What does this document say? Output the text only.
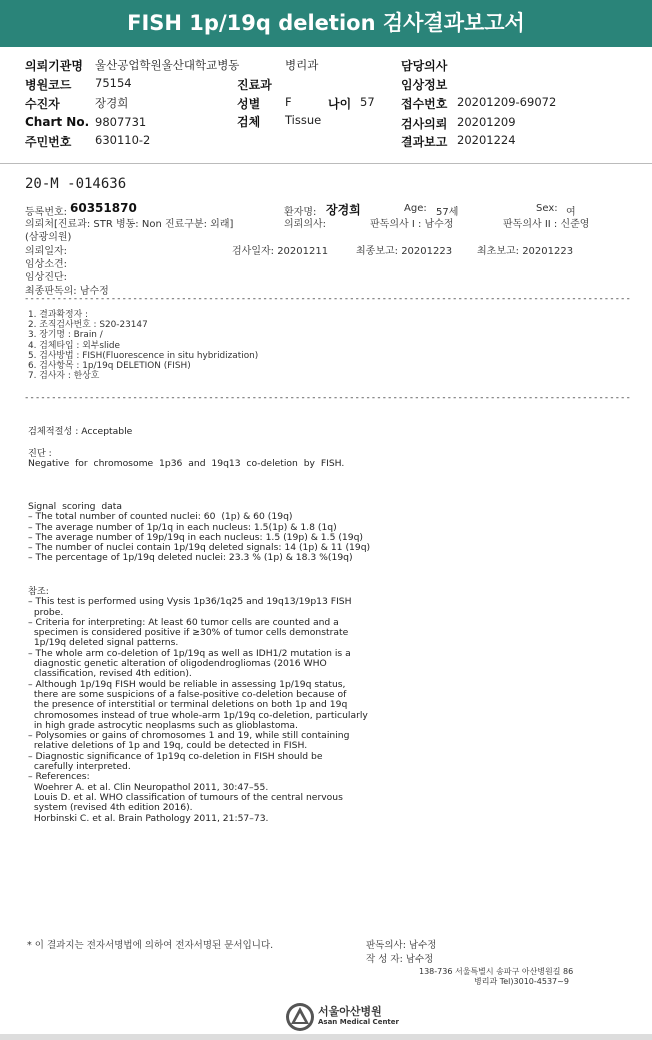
FISH 1p/19q deletion 검사결과보고서
의뢰기관명 울산공업학원울산대학교병동	병리과	담당의사
병원코드 75154	진료과	임상정보
수진자	장경희	성별 F	나이 57 접수번호 20201209-69072
Chart No. 9807731	검체 Tissue	검사의뢰 20201209
주민번호 630110-2	결과보고 20201224
20-M -014636
등록번호: 60351870	환자명: 장경희	Age: 57세	Sex: 여
의뢰처[진료과: STR 병동: Non 진료구분: 외래]	의뢰의사:	판독의사 I : 남수정	판독의사 II : 신준영
(삼광의원)
의뢰일자:	검사일자: 20201211	최종보고: 20201223 최초보고: 20201223
임상소견:
임상진단:
최종판독의: 남수정
----------------------------------------------------------------------------------------------------------------
1. 결과확정자 :
2. 조직검사번호 : S20-23147
3. 장기명 : Brain /
4. 검체타입 : 외부slide
5. 검사방법 : FISH(Fluorescence in situ hybridization)
6. 검사항목 : 1p/19q DELETION (FISH)
7. 검사자 : 한상호
----------------------------------------------------------------------------------------------------------------
검체적절성 : Acceptable
진단 :
Negative  for  chromosome  1p36  and  19q13  co-deletion  by  FISH.
Signal  scoring  data
– The total number of counted nuclei: 60  (1p) & 60 (19q)
– The average number of 1p/1q in each nucleus: 1.5(1p) & 1.8 (1q)
– The average number of 19p/19q in each nucleus: 1.5 (19p) & 1.5 (19q)
– The number of nuclei contain 1p/19q deleted signals: 14 (1p) & 11 (19q)
– The percentage of 1p/19q deleted nuclei: 23.3 % (1p) & 18.3 %(19q)
참조:
– This test is performed using Vysis 1p36/1q25 and 19q13/19p13 FISH
probe.
– Criteria for interpreting: At least 60 tumor cells are counted and a
specimen is considered positive if ≥30% of tumor cells demonstrate
1p/19q deleted signal patterns.
– The whole arm co-deletion of 1p/19q as well as IDH1/2 mutation is a
diagnostic genetic alteration of oligodendrogliomas (2016 WHO
classification, revised 4th edition).
– Although 1p/19q FISH would be reliable in assessing 1p/19q status,
there are some suspicions of a false-positive co-deletion because of
the presence of interstitial or terminal deletions on both 1p and 19q
chromosomes instead of true whole-arm 1p/19q co-deletion, particularly
in high grade astrocytic neoplasms such as glioblastoma.
– Polysomies or gains of chromosomes 1 and 19, while still containing
relative deletions of 1p and 19q, could be detected in FISH.
– Diagnostic significance of 1p19q co-deletion in FISH should be
carefully interpreted.
– References:
Woehrer A. et al. Clin Neuropathol 2011, 30:47–55.
Louis D. et al. WHO classification of tumours of the central nervous
system (revised 4th edition 2016).
Horbinski C. et al. Brain Pathology 2011, 21:57–73.
* 이 결과지는 전자서명법에 의하여 전자서명된 문서입니다.	판독의사: 남수정
작 성 자: 남수정
138-736 서울특별시 송파구 아산병원길 86
병리과 Tel)3010-4537~9
서울아산병원
Asan Medical Center
